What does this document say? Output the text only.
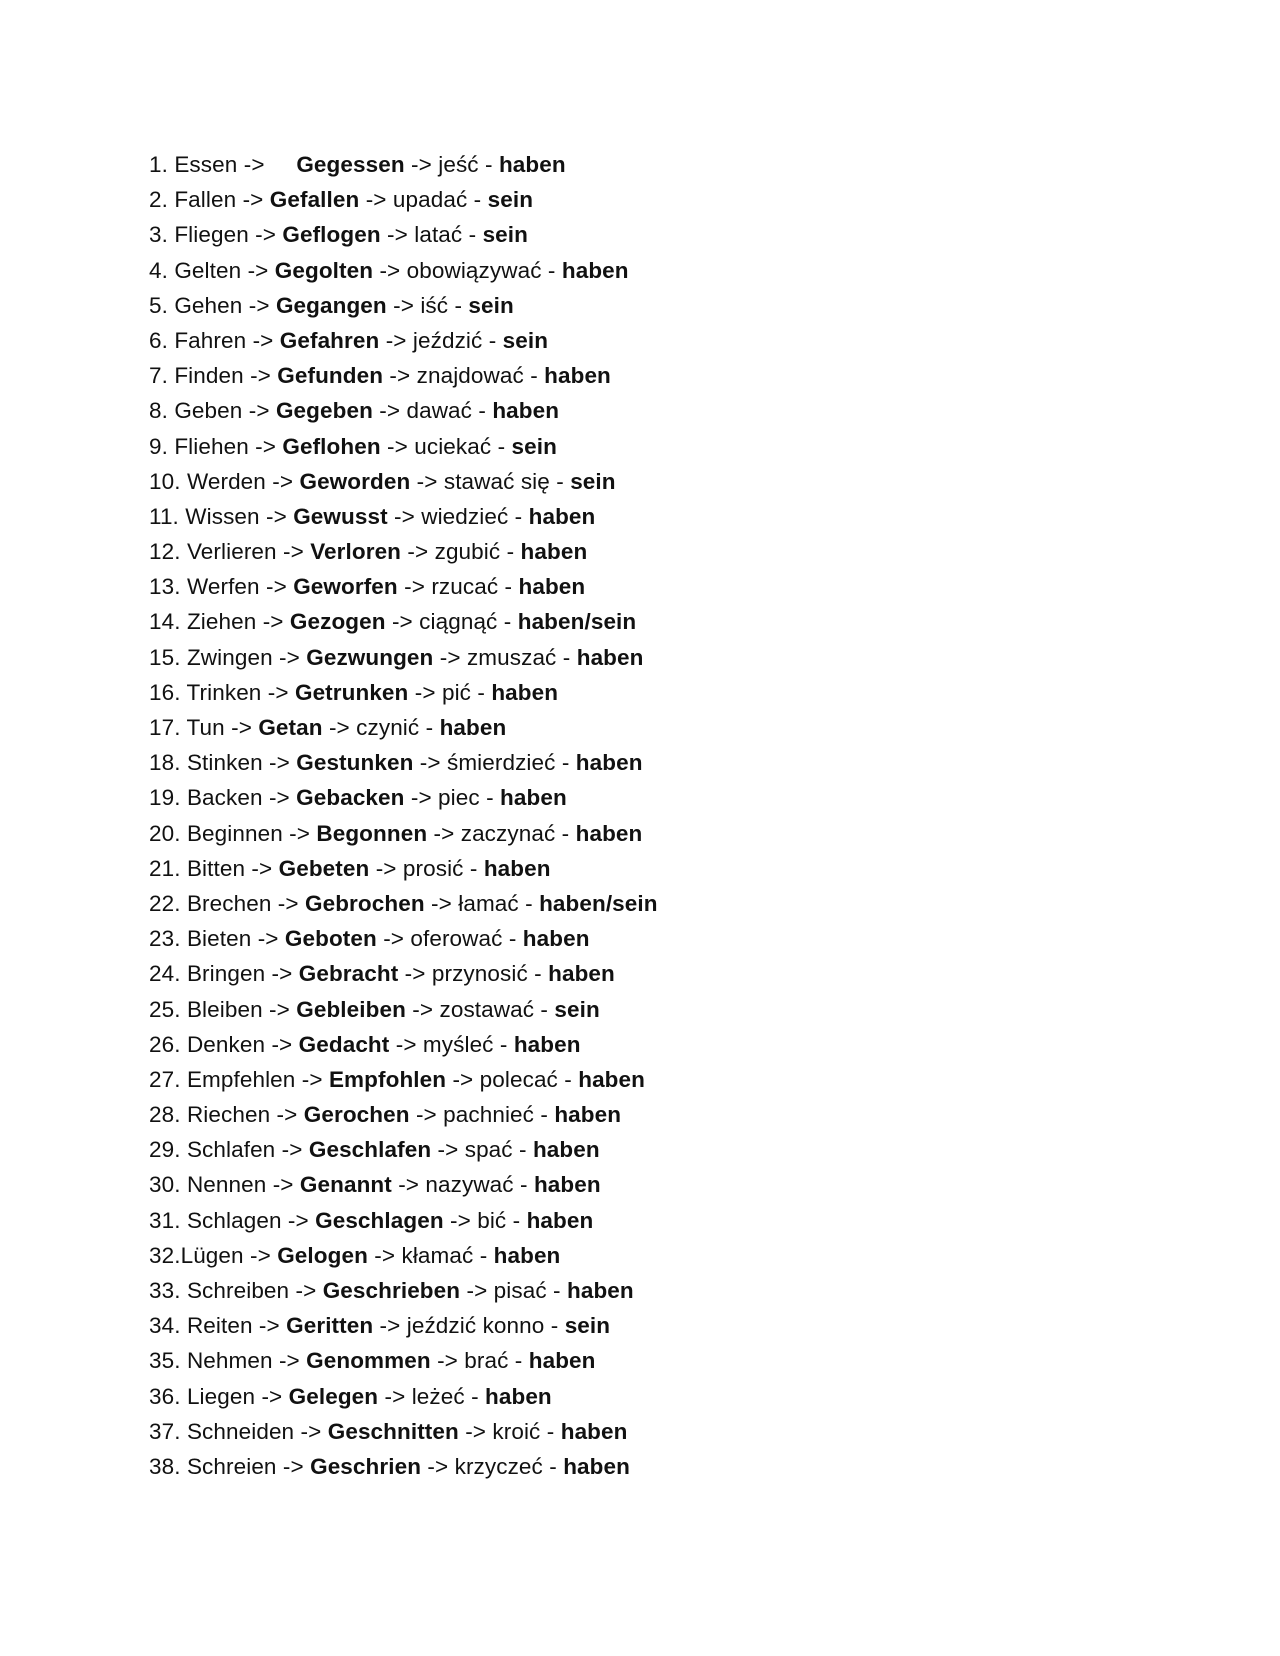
1. Essen ->     Gegessen -> jeść - haben
2. Fallen -> Gefallen -> upadać - sein
3. Fliegen -> Geflogen -> latać - sein
4. Gelten -> Gegolten -> obowiązywać - haben
5. Gehen -> Gegangen -> iść - sein
6. Fahren -> Gefahren -> jeździć - sein
7. Finden -> Gefunden -> znajdować - haben
8. Geben -> Gegeben -> dawać - haben
9. Fliehen -> Geflohen -> uciekać - sein
10. Werden -> Geworden -> stawać się - sein
11. Wissen -> Gewusst -> wiedzieć - haben
12. Verlieren -> Verloren -> zgubić - haben
13. Werfen -> Geworfen -> rzucać - haben
14. Ziehen -> Gezogen -> ciągnąć - haben/sein
15. Zwingen -> Gezwungen -> zmuszać - haben
16. Trinken -> Getrunken -> pić - haben
17. Tun -> Getan -> czynić - haben
18. Stinken -> Gestunken -> śmierdzieć - haben
19. Backen -> Gebacken -> piec - haben
20. Beginnen -> Begonnen -> zaczynać - haben
21. Bitten -> Gebeten -> prosić - haben
22. Brechen -> Gebrochen -> łamać - haben/sein
23. Bieten -> Geboten -> oferować - haben
24. Bringen -> Gebracht -> przynosić - haben
25. Bleiben -> Gebleiben -> zostawać - sein
26. Denken -> Gedacht -> myśleć - haben
27. Empfehlen -> Empfohlen -> polecać - haben
28. Riechen -> Gerochen -> pachnieć - haben
29. Schlafen -> Geschlafen -> spać - haben
30. Nennen -> Genannt -> nazywać - haben
31. Schlagen -> Geschlagen -> bić - haben
32.Lügen -> Gelogen -> kłamać - haben
33. Schreiben -> Geschrieben -> pisać - haben
34. Reiten -> Geritten -> jeździć konno - sein
35. Nehmen -> Genommen -> brać - haben
36. Liegen -> Gelegen -> leżeć - haben
37. Schneiden -> Geschnitten -> kroić - haben
38. Schreien -> Geschrien -> krzyczeć - haben
